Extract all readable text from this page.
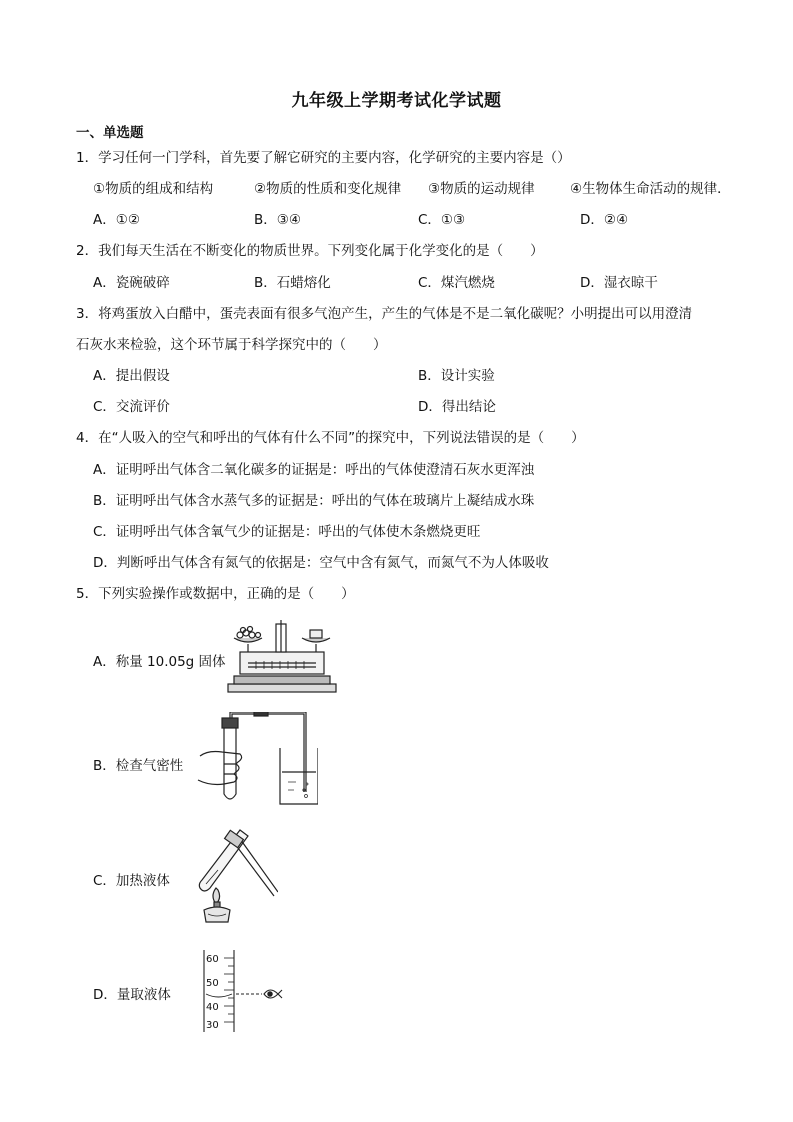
九年级上学期考试化学试题
一、单选题
1．学习任何一门学科，首先要了解它研究的主要内容，化学研究的主要内容是（）
①物质的组成和结构	②物质的性质和变化规律 ③物质的运动规律	④生物体生命活动的规律．
A．①②	B．③④	C．①③	D．②④
2．我们每天生活在不断变化的物质世界。下列变化属于化学变化的是（　　）
A．瓷碗破碎	B．石蜡熔化	C．煤汽燃烧	D．湿衣晾干
3．将鸡蛋放入白醋中，蛋壳表面有很多气泡产生，产生的气体是不是二氧化碳呢？小明提出可以用澄清
石灰水来检验，这个环节属于科学探究中的（　　）
A．提出假设	B．设计实验
C．交流评价	D．得出结论
4．在“人吸入的空气和呼出的气体有什么不同”的探究中，下列说法错误的是（　　）
A．证明呼出气体含二氧化碳多的证据是：呼出的气体使澄清石灰水更浑浊
B．证明呼出气体含水蒸气多的证据是：呼出的气体在玻璃片上凝结成水珠
C．证明呼出气体含氧气少的证据是：呼出的气体使木条燃烧更旺
D．判断呼出气体含有氮气的依据是：空气中含有氮气，而氮气不为人体吸收
5．下列实验操作或数据中，正确的是（　　）
A．称量 10.05g 固体
B．检查气密性
C．加热液体
D．量取液体
60
50
40
30
